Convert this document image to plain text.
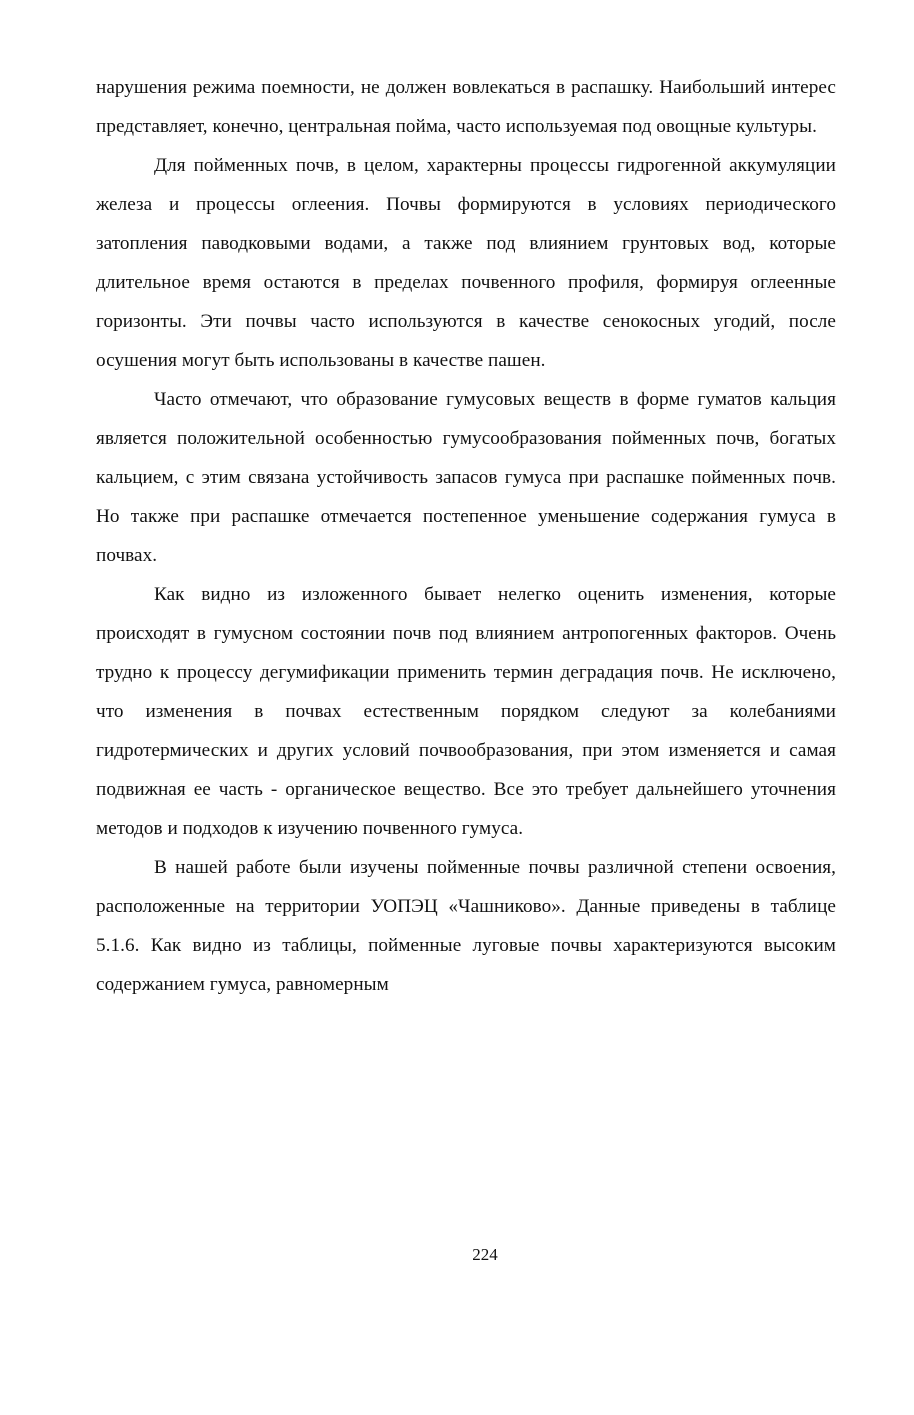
нарушения режима поемности, не должен вовлекаться в распашку. Наибольший интерес представляет, конечно, центральная пойма, часто используемая под овощные культуры.

Для пойменных почв, в целом, характерны процессы гидрогенной аккумуляции железа и процессы оглеения. Почвы формируются в условиях периодического затопления паводковыми водами, а также под влиянием грунтовых вод, которые длительное время остаются в пределах почвенного профиля, формируя оглеенные горизонты. Эти почвы часто используются в качестве сенокосных угодий, после осушения могут быть использованы в качестве пашен.

Часто отмечают, что образование гумусовых веществ в форме гуматов кальция является положительной особенностью гумусообразования пойменных почв, богатых кальцием, с этим связана устойчивость запасов гумуса при распашке пойменных почв. Но также при распашке отмечается постепенное уменьшение содержания гумуса в почвах.

Как видно из изложенного бывает нелегко оценить изменения, которые происходят в гумусном состоянии почв под влиянием антропогенных факторов. Очень трудно к процессу дегумификации применить термин деградация почв. Не исключено, что изменения в почвах естественным порядком следуют за колебаниями гидротермических и других условий почвообразования, при этом изменяется и самая подвижная ее часть - органическое вещество. Все это требует дальнейшего уточнения методов и подходов к изучению почвенного гумуса.

В нашей работе были изучены пойменные почвы различной степени освоения, расположенные на территории УОПЭЦ «Чашниково». Данные приведены в таблице 5.1.6. Как видно из таблицы, пойменные луговые почвы характеризуются высоким содержанием гумуса, равномерным

224
